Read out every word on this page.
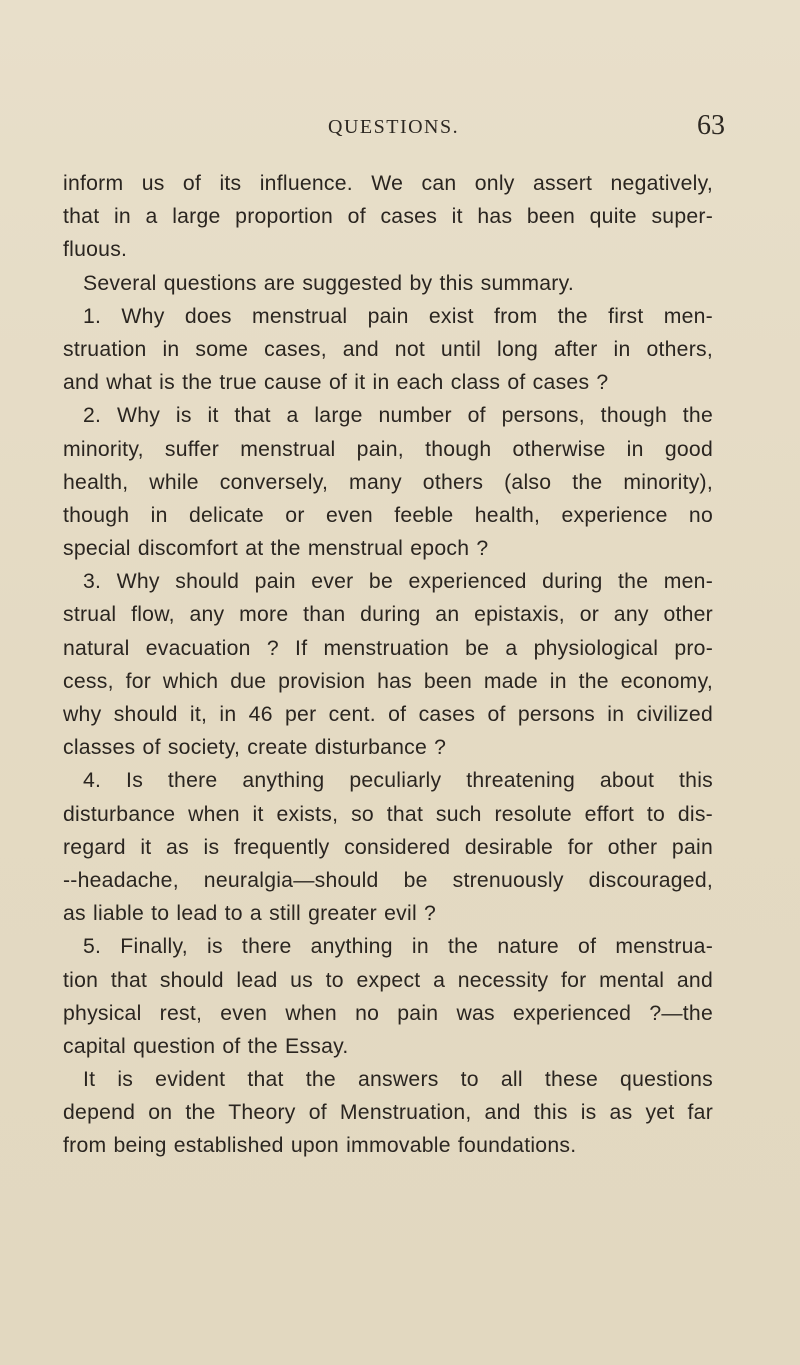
QUESTIONS.	63
inform us of its influence. We can only assert negatively,
that in a large proportion of cases it has been quite super-
fluous.
Several questions are suggested by this summary.
1. Why does menstrual pain exist from the first men-
struation in some cases, and not until long after in others,
and what is the true cause of it in each class of cases ?
2. Why is it that a large number of persons, though the
minority, suffer menstrual pain, though otherwise in good
health, while conversely, many others (also the minority),
though in delicate or even feeble health, experience no
special discomfort at the menstrual epoch ?
3. Why should pain ever be experienced during the men-
strual flow, any more than during an epistaxis, or any other
natural evacuation ? If menstruation be a physiological pro-
cess, for which due provision has been made in the economy,
why should it, in 46 per cent. of cases of persons in civilized
classes of society, create disturbance ?
4. Is there anything peculiarly threatening about this
disturbance when it exists, so that such resolute effort to dis-
regard it as is frequently considered desirable for other pain
--headache, neuralgia—should be strenuously discouraged,
as liable to lead to a still greater evil ?
5. Finally, is there anything in the nature of menstrua-
tion that should lead us to expect a necessity for mental and
physical rest, even when no pain was experienced ?—the
capital question of the Essay.
It is evident that the answers to all these questions
depend on the Theory of Menstruation, and this is as yet far
from being established upon immovable foundations.
